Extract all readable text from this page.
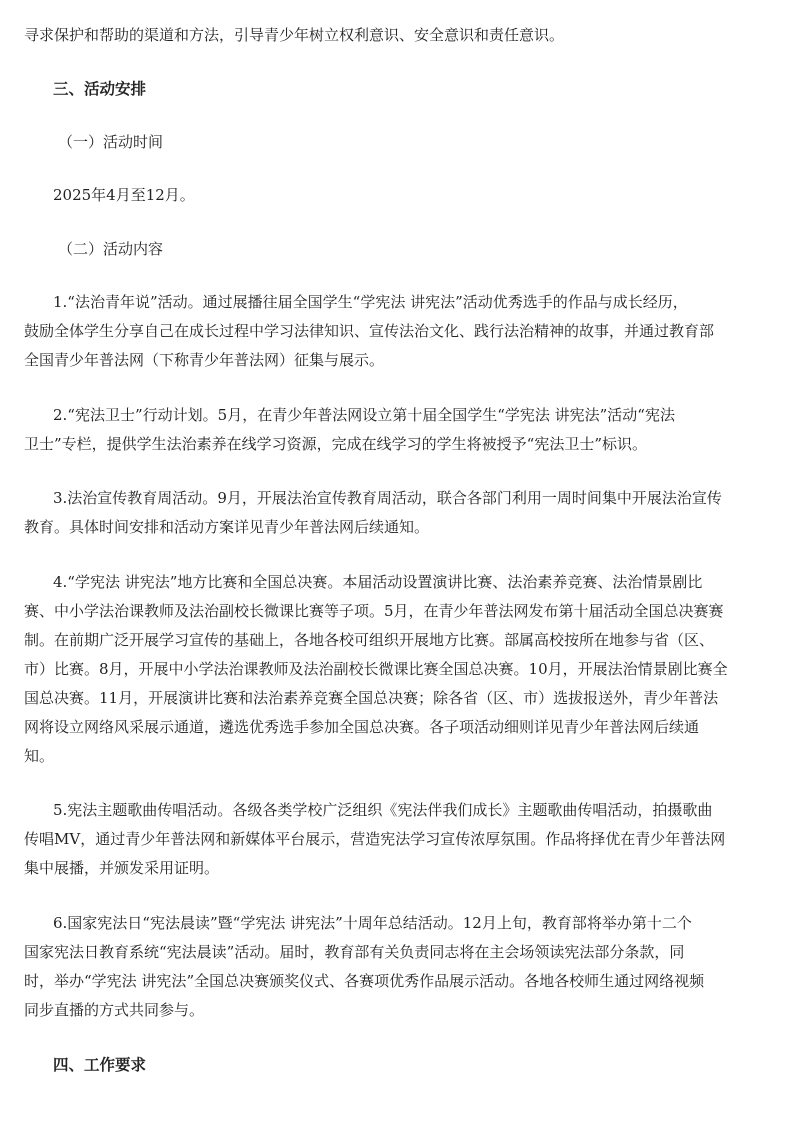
寻求保护和帮助的渠道和方法，引导青少年树立权利意识、安全意识和责任意识。
三、活动安排
（一）活动时间
2025年4月至12月。
（二）活动内容
1.“法治青年说”活动。通过展播往届全国学生“学宪法 讲宪法”活动优秀选手的作品与成长经历，
鼓励全体学生分享自己在成长过程中学习法律知识、宣传法治文化、践行法治精神的故事，并通过教育部
全国青少年普法网（下称青少年普法网）征集与展示。
2.“宪法卫士”行动计划。5月，在青少年普法网设立第十届全国学生“学宪法 讲宪法”活动“宪法
卫士”专栏，提供学生法治素养在线学习资源，完成在线学习的学生将被授予“宪法卫士”标识。
3.法治宣传教育周活动。9月，开展法治宣传教育周活动，联合各部门利用一周时间集中开展法治宣传
教育。具体时间安排和活动方案详见青少年普法网后续通知。
4.“学宪法 讲宪法”地方比赛和全国总决赛。本届活动设置演讲比赛、法治素养竞赛、法治情景剧比
赛、中小学法治课教师及法治副校长微课比赛等子项。5月，在青少年普法网发布第十届活动全国总决赛赛
制。在前期广泛开展学习宣传的基础上，各地各校可组织开展地方比赛。部属高校按所在地参与省（区、
市）比赛。8月，开展中小学法治课教师及法治副校长微课比赛全国总决赛。10月，开展法治情景剧比赛全
国总决赛。11月，开展演讲比赛和法治素养竞赛全国总决赛；除各省（区、市）选拔报送外，青少年普法
网将设立网络风采展示通道，遴选优秀选手参加全国总决赛。各子项活动细则详见青少年普法网后续通
知。
5.宪法主题歌曲传唱活动。各级各类学校广泛组织《宪法伴我们成长》主题歌曲传唱活动，拍摄歌曲
传唱MV，通过青少年普法网和新媒体平台展示，营造宪法学习宣传浓厚氛围。作品将择优在青少年普法网
集中展播，并颁发采用证明。
6.国家宪法日“宪法晨读”暨“学宪法 讲宪法”十周年总结活动。12月上旬，教育部将举办第十二个
国家宪法日教育系统“宪法晨读”活动。届时，教育部有关负责同志将在主会场领读宪法部分条款，同
时，举办“学宪法 讲宪法”全国总决赛颁奖仪式、各赛项优秀作品展示活动。各地各校师生通过网络视频
同步直播的方式共同参与。
四、工作要求
